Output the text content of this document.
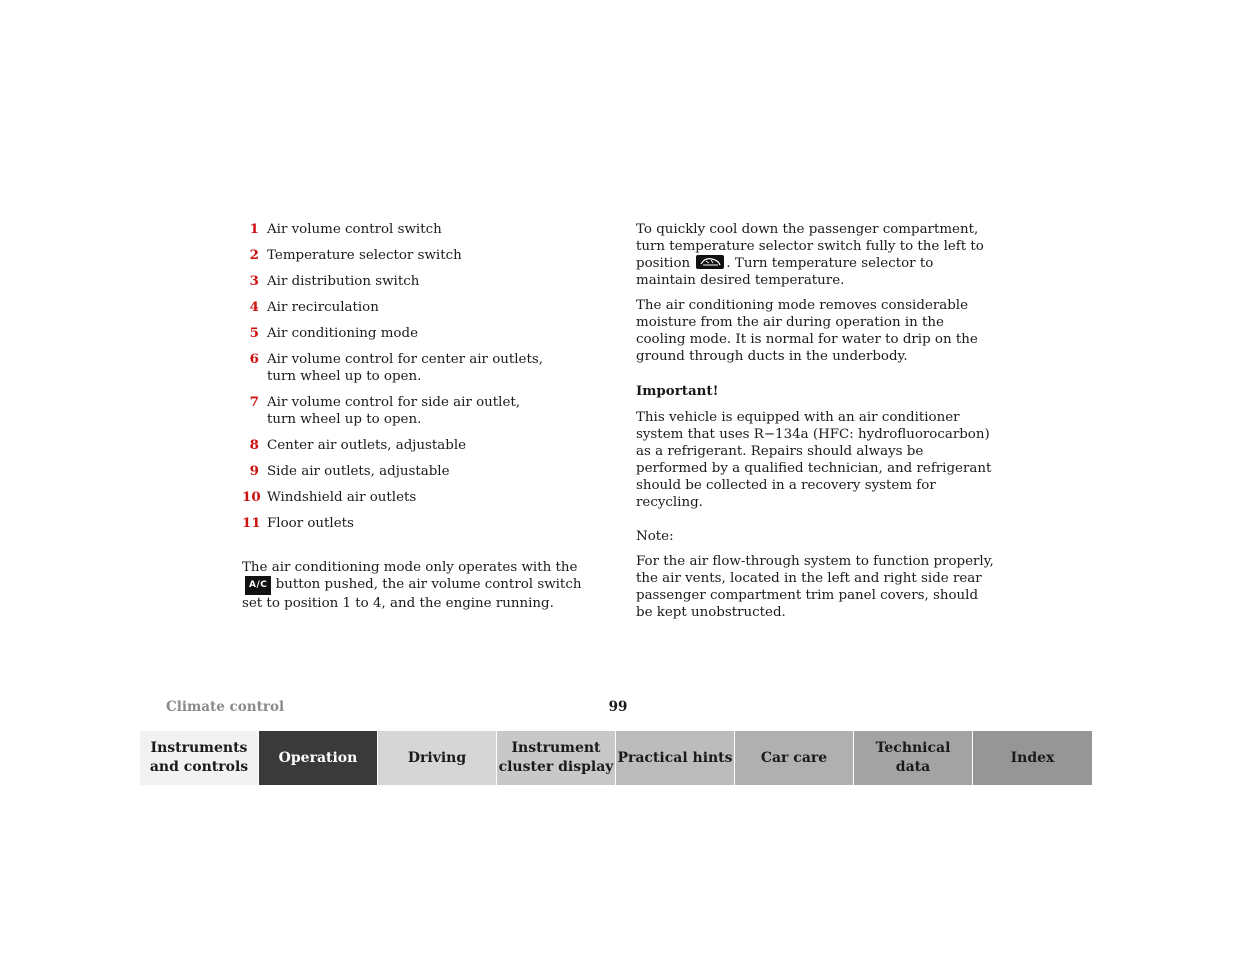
1 Air volume control switch
2 Temperature selector switch
3 Air distribution switch
4 Air recirculation
5 Air conditioning mode
6 Air volume control for center air outlets,
turn wheel up to open.
7 Air volume control for side air outlet,
turn wheel up to open.
8 Center air outlets, adjustable
9 Side air outlets, adjustable
10 Windshield air outlets
11 Floor outlets

The air conditioning mode only operates with the A/C button pushed, the air volume control switch set to position 1 to 4, and the engine running.

To quickly cool down the passenger compartment, turn temperature selector switch fully to the left to position	. Turn temperature selector to maintain desired temperature.

The air conditioning mode removes considerable moisture from the air during operation in the cooling mode. It is normal for water to drip on the ground through ducts in the underbody.

Important!

This vehicle is equipped with an air conditioner system that uses R−134a (HFC: hydrofluorocarbon) as a refrigerant. Repairs should always be performed by a qualified technician, and refrigerant should be collected in a recovery system for recycling.

Note:

For the air flow-through system to function properly, the air vents, located in the left and right side rear passenger compartment trim panel covers, should be kept unobstructed.

Climate control	99
Instruments
and controls
Operation	Driving
Instrument
cluster display
Practical hints	Car care
Technical
data
Index
